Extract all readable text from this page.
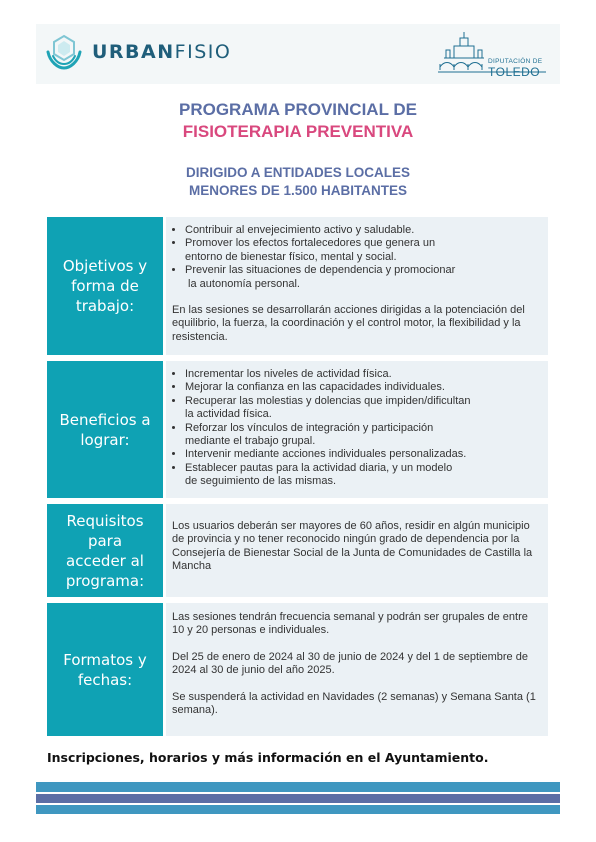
URBANFISIO	DIPUTACIÓN DE
TOLEDO
PROGRAMA PROVINCIAL DE
FISIOTERAPIA PREVENTIVA
DIRIGIDO A ENTIDADES LOCALES
MENORES DE 1.500 HABITANTES
Objetivos y
forma de
trabajo:
• Contribuir al envejecimiento activo y saludable.
• Promover los efectos fortalecedores que genera un
entorno de bienestar físico, mental y social.
• Prevenir las situaciones de dependencia y promocionar
la autonomía personal.

En las sesiones se desarrollarán acciones dirigidas a la potenciación del equilibrio, la fuerza, la coordinación y el control motor, la flexibilidad y la resistencia.

Beneficios a
lograr:
• Incrementar los niveles de actividad física.
• Mejorar la confianza en las capacidades individuales.
• Recuperar las molestias y dolencias que impiden/dificultan
la actividad física.
• Reforzar los vínculos de integración y participación
mediante el trabajo grupal.
• Intervenir mediante acciones individuales personalizadas.
• Establecer pautas para la actividad diaria, y un modelo
de seguimiento de las mismas.
Requisitos
para
acceder al
programa:

Los usuarios deberán ser mayores de 60 años, residir en algún municipio de provincia y no tener reconocido ningún grado de dependencia por la Consejería de Bienestar Social de la Junta de Comunidades de Castilla la Mancha

Formatos y
fechas:

Las sesiones tendrán frecuencia semanal y podrán ser grupales de entre 10 y 20 personas e individuales.

Del 25 de enero de 2024 al 30 de junio de 2024 y del 1 de septiembre de 2024 al 30 de junio del año 2025.

Se suspenderá la actividad en Navidades (2 semanas) y Semana Santa (1 semana).

Inscripciones, horarios y más información en el Ayuntamiento.
